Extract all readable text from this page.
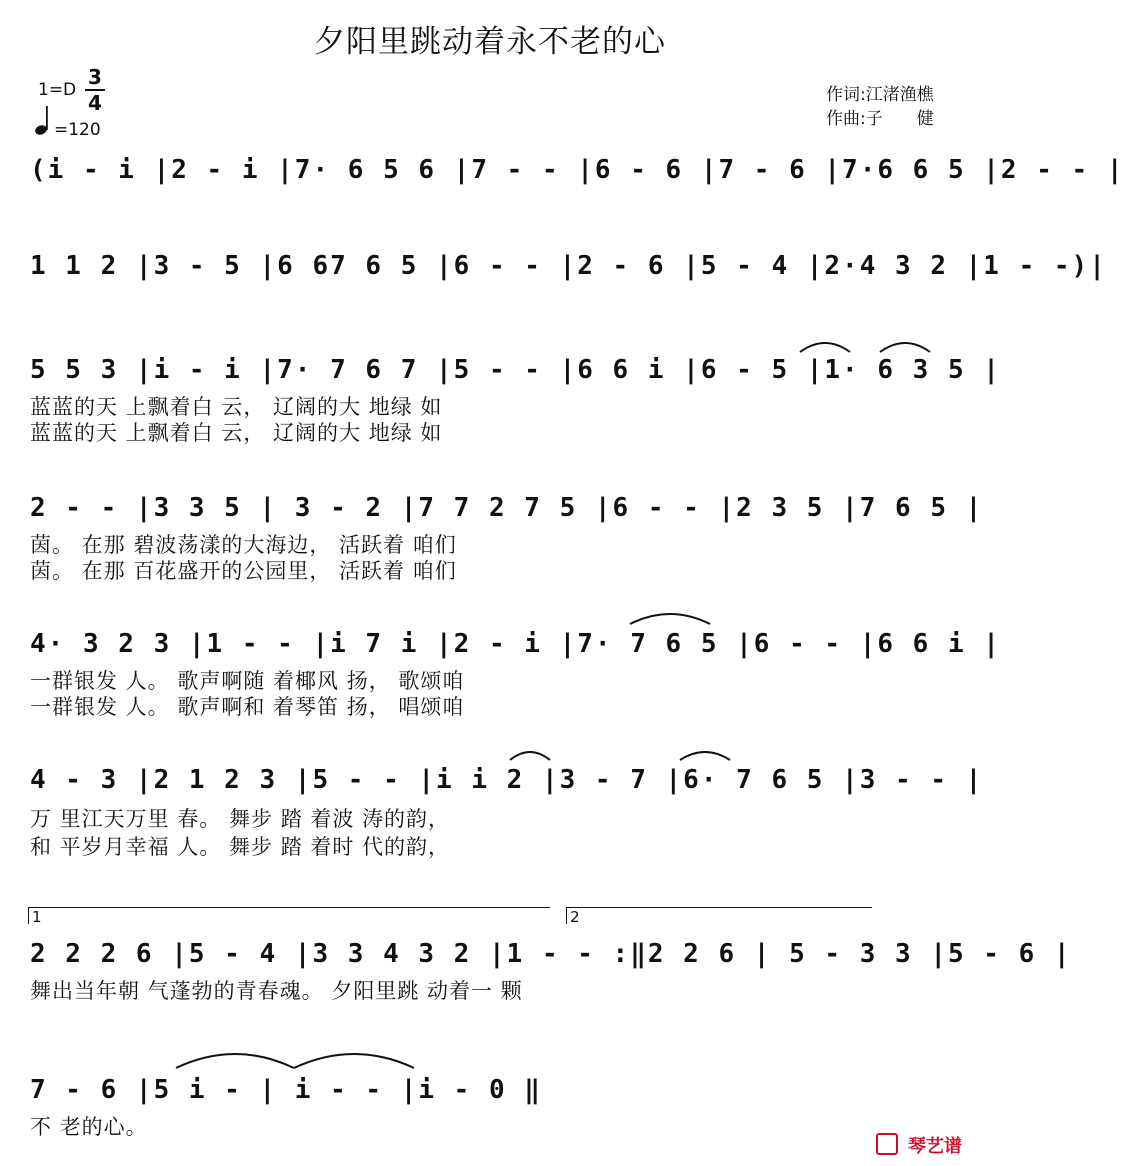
夕阳里跳动着永不老的心
1=D
3
4
=120
作词:江渚渔樵
作曲:子　　健
(i - i |2 - i |7· 6 5 6 |7 - - |6 - 6 |7 - 6 |7·6 6 5 |2 - - |
1 1 2 |3 - 5 |6 67 6 5 |6 - - |2 - 6 |5 - 4 |2·4 3 2 |1 - -)|
5 5 3 |i - i |7· 7 6 7 |5 - - |6 6 i |6 - 5 |1· 6 3 5 |
蓝蓝的天 上飘着白 云， 辽阔的大 地绿 如
蓝蓝的天 上飘着白 云， 辽阔的大 地绿 如
2 - - |3 3 5 | 3 - 2 |7 7 2 7 5 |6 - - |2 3 5 |7 6 5 |
茵。 在那 碧波荡漾的大海边， 活跃着 咱们
茵。 在那 百花盛开的公园里， 活跃着 咱们
4· 3 2 3 |1 - - |i 7 i |2 - i |7· 7 6 5 |6 - - |6 6 i |
一群银发 人。 歌声啊随 着椰风 扬， 歌颂咱
一群银发 人。 歌声啊和 着琴笛 扬， 唱颂咱
4 - 3 |2 1 2 3 |5 - - |i i 2 |3 - 7 |6· 7 6 5 |3 - - |
万 里江天万里 春。 舞步 踏 着波 涛的韵，
和 平岁月幸福 人。 舞步 踏 着时 代的韵，
1	2
2 2 2 6 |5 - 4 |3 3 4 3 2 |1 - - :‖2 2 6 | 5 - 3 3 |5 - 6 |
舞出当年朝 气蓬勃的青春魂。 夕阳里跳 动着一 颗
7 - 6 |5 i - | i - - |i - 0 ‖
不 老的心。
琴艺谱
